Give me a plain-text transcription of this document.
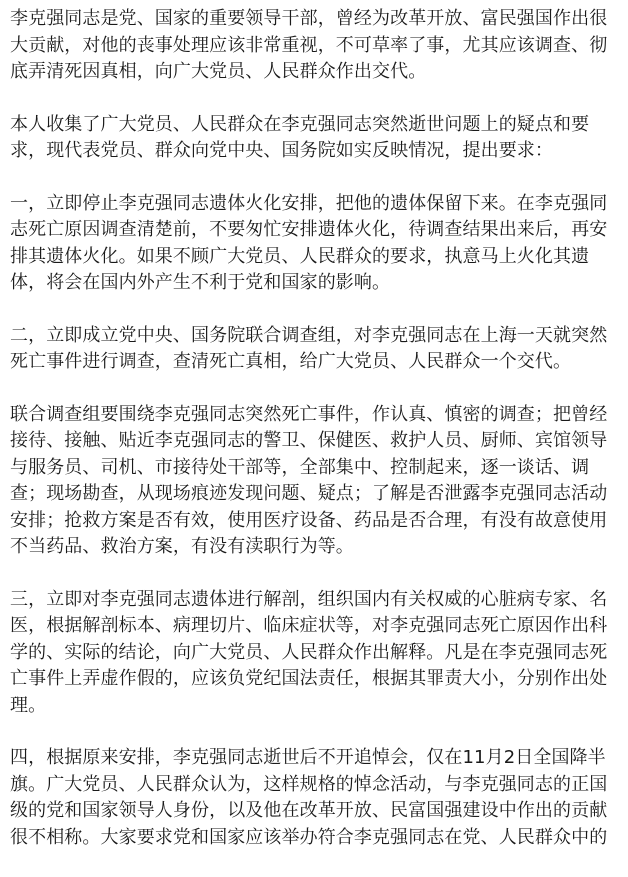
李克强同志是党、国家的重要领导干部，曾经为改革开放、富民强国作出很
大贡献，对他的丧事处理应该非常重视，不可草率了事，尤其应该调查、彻
底弄清死因真相，向广大党员、人民群众作出交代。
本人收集了广大党员、人民群众在李克强同志突然逝世问题上的疑点和要
求，现代表党员、群众向党中央、国务院如实反映情况，提出要求：
一，立即停止李克强同志遗体火化安排，把他的遗体保留下来。在李克强同
志死亡原因调查清楚前，不要匆忙安排遗体火化，待调查结果出来后，再安
排其遗体火化。如果不顾广大党员、人民群众的要求，执意马上火化其遗
体，将会在国内外产生不利于党和国家的影响。
二，立即成立党中央、国务院联合调查组，对李克强同志在上海一天就突然
死亡事件进行调查，查清死亡真相，给广大党员、人民群众一个交代。
联合调查组要围绕李克强同志突然死亡事件，作认真、慎密的调查；把曾经
接待、接触、贴近李克强同志的警卫、保健医、救护人员、厨师、宾馆领导
与服务员、司机、市接待处干部等，全部集中、控制起来，逐一谈话、调
查；现场勘查，从现场痕迹发现问题、疑点；了解是否泄露李克强同志活动
安排；抢救方案是否有效，使用医疗设备、药品是否合理，有没有故意使用
不当药品、救治方案，有没有渎职行为等。
三，立即对李克强同志遗体进行解剖，组织国内有关权威的心脏病专家、名
医，根据解剖标本、病理切片、临床症状等，对李克强同志死亡原因作出科
学的、实际的结论，向广大党员、人民群众作出解释。凡是在李克强同志死
亡事件上弄虚作假的，应该负党纪国法责任，根据其罪责大小，分别作出处
理。
四，根据原来安排，李克强同志逝世后不开追悼会，仅在11月2日全国降半
旗。广大党员、人民群众认为，这样规格的悼念活动，与李克强同志的正国
级的党和国家领导人身份，以及他在改革开放、民富国强建设中作出的贡献
很不相称。大家要求党和国家应该举办符合李克强同志在党、人民群众中的
